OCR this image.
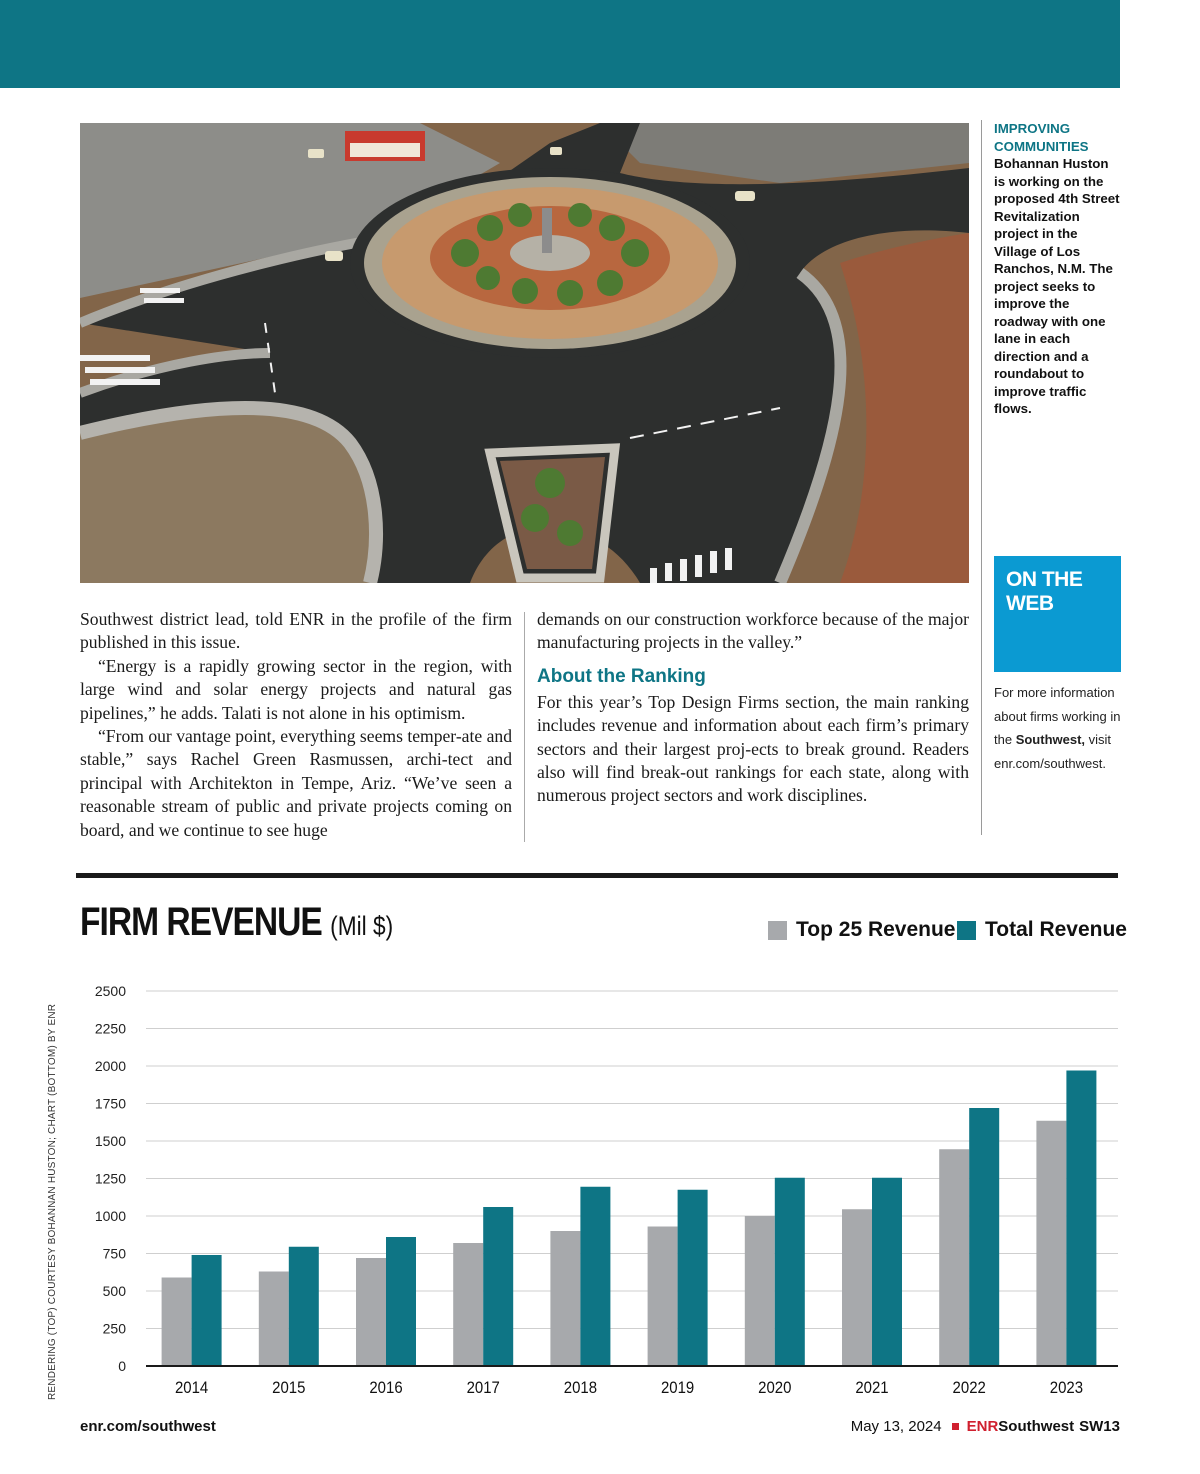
IMPROVING COMMUNITIES
Bohannan Huston is working on the proposed 4th Street Revitalization project in the Village of Los Ranchos, N.M. The project seeks to improve the roadway with one lane in each direction and a roundabout to improve traffic flows.
ON THE WEB
For more information about firms working in the Southwest, visit enr.com/southwest.

Southwest district lead, told ENR in the profile of the firm published in this issue.

“Energy is a rapidly growing sector in the region, with large wind and solar energy projects and natural gas pipelines,” he adds. Talati is not alone in his optimism.

“From our vantage point, everything seems temper-ate and stable,” says Rachel Green Rasmussen, archi-tect and principal with Architekton in Tempe, Ariz. “We’ve seen a reasonable stream of public and private projects coming on board, and we continue to see huge

demands on our construction workforce because of the major manufacturing projects in the valley.”

About the Ranking

For this year’s Top Design Firms section, the main ranking includes revenue and information about each firm’s primary sectors and their largest proj-ects to break ground. Readers also will find break-out rankings for each state, along with numerous project sectors and work disciplines.

FIRM REVENUE (Mil $)	Top 25 Revenue Total Revenue
0
250
500
750
1000
1250
1500
1750
2000
2250
2500
2014	2015	2016	2017	2018	2019	2020	2021	2022	2023
RENDERING (TOP) COURTESY BOHANNAN HUSTON; CHART (BOTTOM) BY ENR
enr.com/southwest	May 13, 2024 ENR Southwest SW13
